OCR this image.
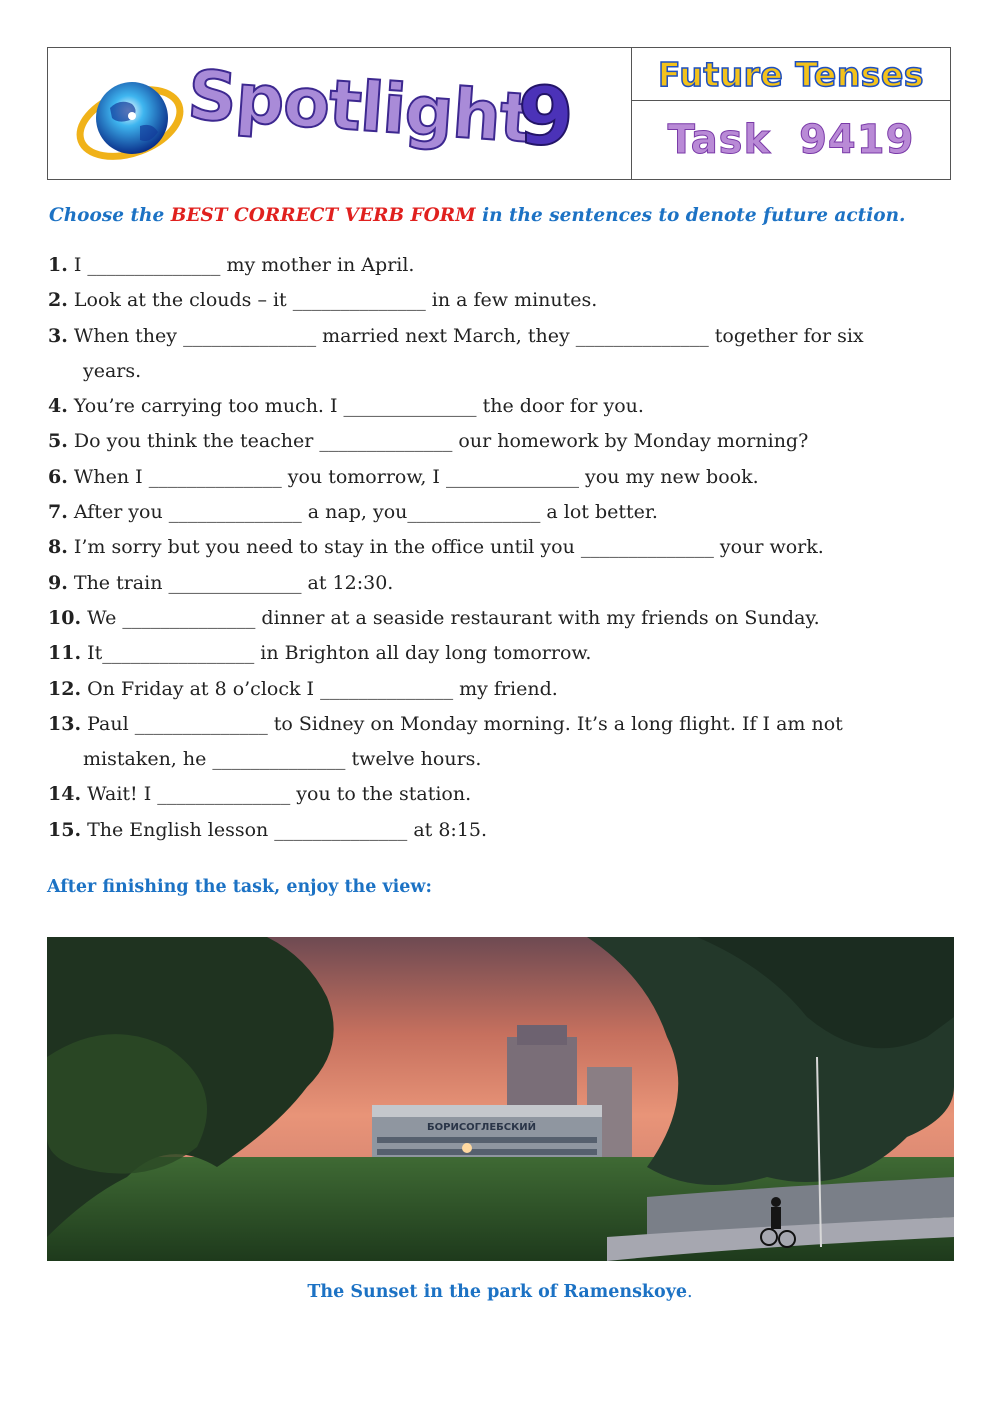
Spotlight
9	Future Tenses
Task 9419
Choose the BEST CORRECT VERB FORM in the sentences to denote future action.
1. I ______________ my mother in April.
2. Look at the clouds – it ______________ in a few minutes.
3. When they ______________ married next March, they ______________ together for six
years.
4. You’re carrying too much. I ______________ the door for you.
5. Do you think the teacher ______________ our homework by Monday morning?
6. When I ______________ you tomorrow, I ______________ you my new book.
7. After you ______________ a nap, you______________ a lot better.
8. I’m sorry but you need to stay in the office until you ______________ your work.
9. The train ______________ at 12:30.
10. We ______________ dinner at a seaside restaurant with my friends on Sunday.
11. It________________ in Brighton all day long tomorrow.
12. On Friday at 8 o’clock I ______________ my friend.
13. Paul ______________ to Sidney on Monday morning. It’s a long flight. If I am not
mistaken, he ______________ twelve hours.
14. Wait! I ______________ you to the station.
15. The English lesson ______________ at 8:15.
After finishing the task, enjoy the view:
БОРИСОГЛЕБСКИЙ
The Sunset in the park of Ramenskoye.
